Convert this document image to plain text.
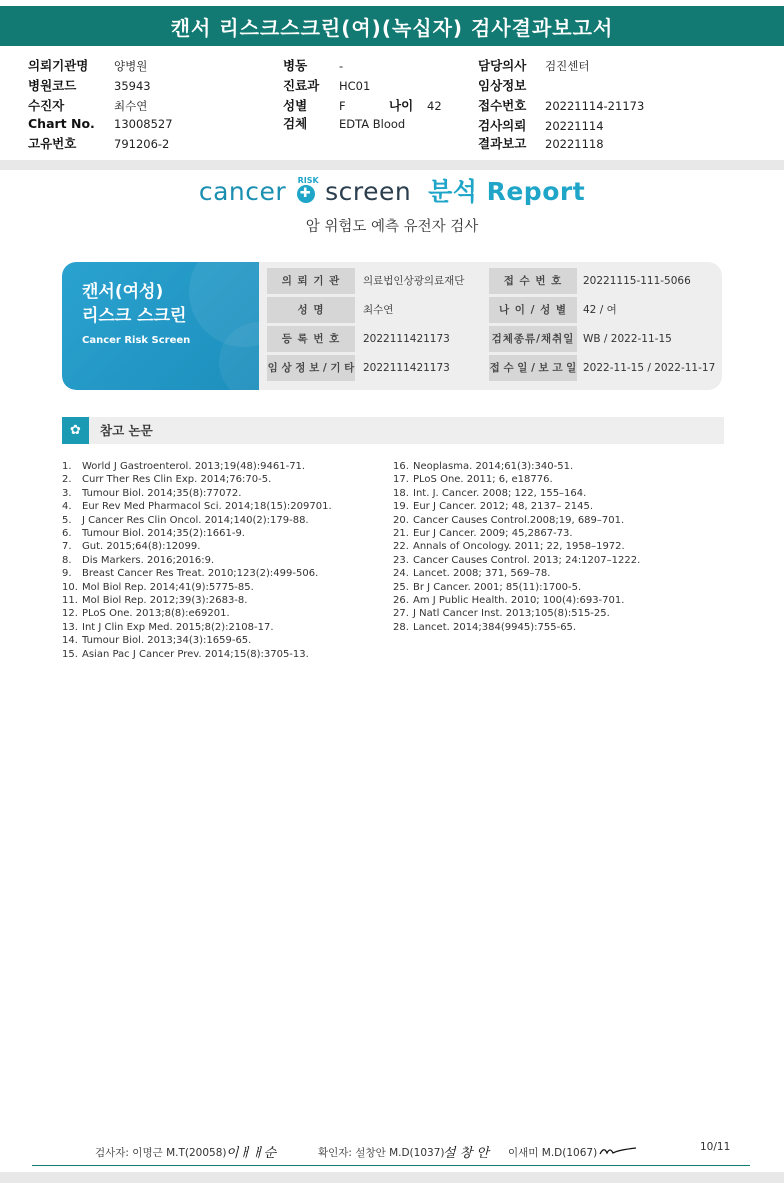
캔서 리스크스크린(여)(녹십자) 검사결과보고서
의뢰기관명 양병원
병원코드	35943
수진자	최수연
Chart No. 13008527
고유번호	791206-2
병동	-
진료과 HC01
성별	F	나이 42
검체	EDTA Blood
담당의사 검진센터
임상정보
접수번호 20221114-21173
검사의뢰 20221114
결과보고 20221118
cancer ✚
RISK screen 분석 Report
암 위험도 예측 유전자 검사
캔서(여성)
리스크 스크린
Cancer Risk Screen
의 뢰 기 관	의료법인상광의료재단	접 수 번 호	20221115-111-5066
성 명	최수연	나 이 / 성 별	42 / 여
등 록 번 호	2022111421173	검체종류/채취일 WB / 2022-11-15
임 상 정 보 / 기 타 2022111421173	접 수 일 / 보 고 일 2022-11-15 / 2022-11-17
✿	참고 논문
1. World J Gastroenterol. 2013;19(48):9461-71.
2. Curr Ther Res Clin Exp. 2014;76:70-5.
3. Tumour Biol. 2014;35(8):77072.
4. Eur Rev Med Pharmacol Sci. 2014;18(15):209701.
5. J Cancer Res Clin Oncol. 2014;140(2):179-88.
6. Tumour Biol. 2014;35(2):1661-9.
7. Gut. 2015;64(8):12099.
8. Dis Markers. 2016;2016:9.
9. Breast Cancer Res Treat. 2010;123(2):499-506.
10. Mol Biol Rep. 2014;41(9):5775-85.
11. Mol Biol Rep. 2012;39(3):2683-8.
12. PLoS One. 2013;8(8):e69201.
13. Int J Clin Exp Med. 2015;8(2):2108-17.
14. Tumour Biol. 2013;34(3):1659-65.
15. Asian Pac J Cancer Prev. 2014;15(8):3705-13.
16. Neoplasma. 2014;61(3):340-51.
17. PLoS One. 2011; 6, e18776.
18. Int. J. Cancer. 2008; 122, 155–164.
19. Eur J Cancer. 2012; 48, 2137– 2145.
20. Cancer Causes Control.2008;19, 689–701.
21. Eur J Cancer. 2009; 45,2867-73.
22. Annals of Oncology. 2011; 22, 1958–1972.
23. Cancer Causes Control. 2013; 24:1207–1222.
24. Lancet. 2008; 371, 569–78.
25. Br J Cancer. 2001; 85(11):1700-5.
26. Am J Public Health. 2010; 100(4):693-701.
27. J Natl Cancer Inst. 2013;105(8):515-25.
28. Lancet. 2014;384(9945):755-65.
검사자: 이명근 M.T(20058) 이ㅐㅐ순	확인자: 설창안 M.D(1037)
설 창 안 이새미 M.D(1067)	10/11
